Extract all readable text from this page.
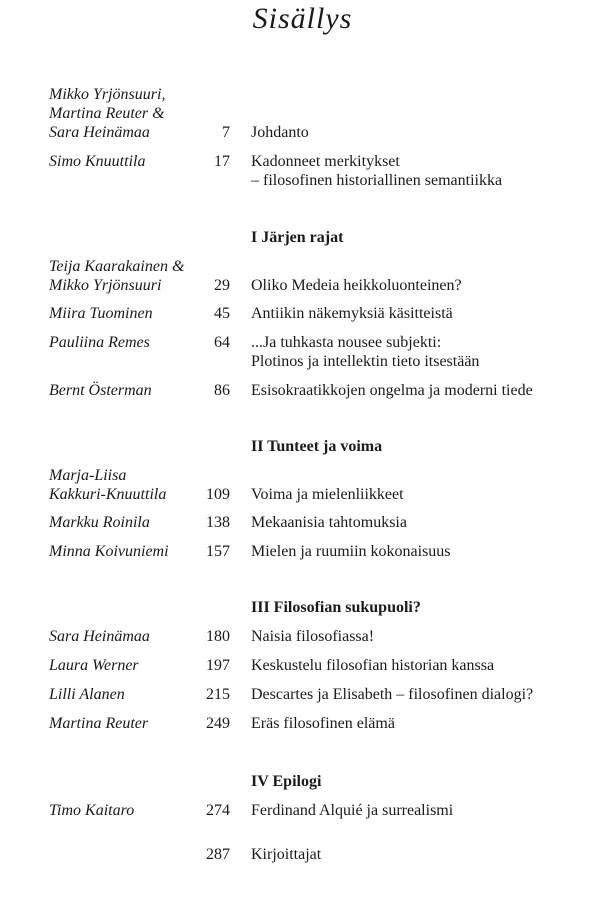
Sisällys
Mikko Yrjönsuuri,
Martina Reuter &
Sara Heinämaa	7 Johdanto
Simo Knuuttila	17 Kadonneet merkitykset
– filosofinen historiallinen semantiikka
I Järjen rajat
Teija Kaarakainen &
Mikko Yrjönsuuri	29 Oliko Medeia heikkoluonteinen?
Miira Tuominen	45 Antiikin näkemyksiä käsitteistä
Pauliina Remes	64 ...Ja tuhkasta nousee subjekti:
Plotinos ja intellektin tieto itsestään
Bernt Österman	86 Esisokraatikkojen ongelma ja moderni tiede
II Tunteet ja voima
Marja-Liisa
Kakkuri-Knuuttila	109 Voima ja mielenliikkeet
Markku Roinila	138 Mekaanisia tahtomuksia
Minna Koivuniemi	157 Mielen ja ruumiin kokonaisuus
III Filosofian sukupuoli?
Sara Heinämaa	180 Naisia filosofiassa!
Laura Werner	197 Keskustelu filosofian historian kanssa
Lilli Alanen	215 Descartes ja Elisabeth – filosofinen dialogi?
Martina Reuter	249 Eräs filosofinen elämä
IV Epilogi
Timo Kaitaro	274 Ferdinand Alquié ja surrealismi
287 Kirjoittajat
